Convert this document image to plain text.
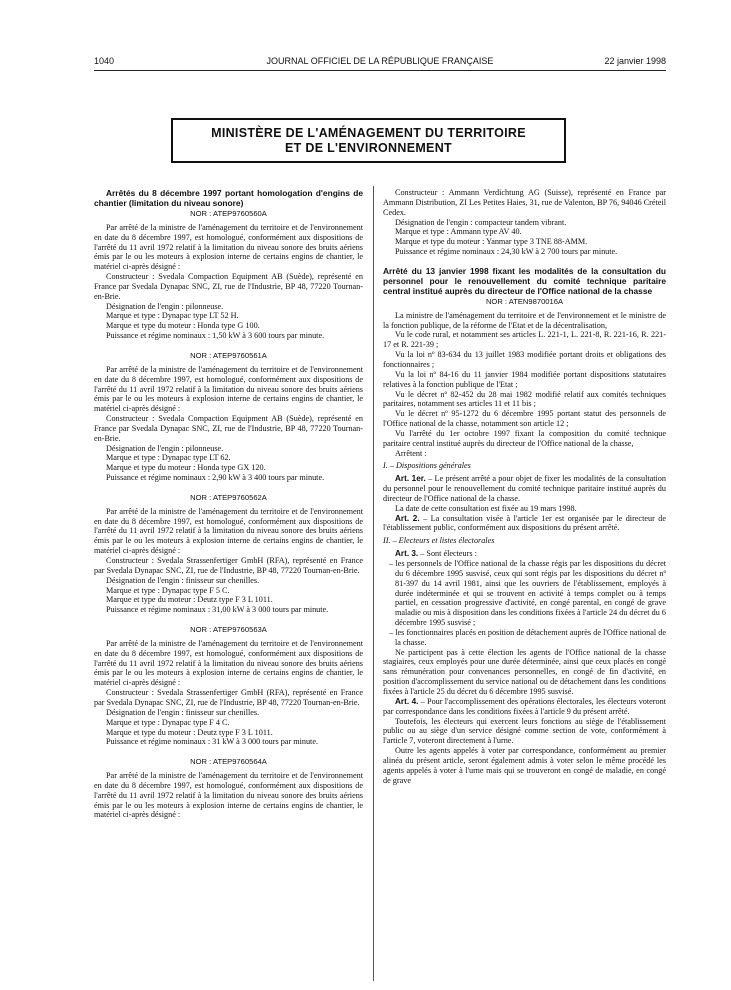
1040	JOURNAL OFFICIEL DE LA RÉPUBLIQUE FRANÇAISE	22 janvier 1998
MINISTÈRE DE L'AMÉNAGEMENT DU TERRITOIRE
ET DE L'ENVIRONNEMENT

Arrêtés du 8 décembre 1997 portant homologation d'engins de chantier (limitation du niveau sonore)

NOR : ATEP9760560A

Par arrêté de la ministre de l'aménagement du territoire et de l'environnement en date du 8 décembre 1997, est homologué, conformément aux dispositions de l'arrêté du 11 avril 1972 relatif à la limitation du niveau sonore des bruits aériens émis par le ou les moteurs à explosion interne de certains engins de chantier, le matériel ci-après désigné :

Constructeur : Svedala Compaction Equipment AB (Suède), représenté en France par Svedala Dynapac SNC, ZI, rue de l'Industrie, BP 48, 77220 Tournan-en-Brie.

Désignation de l'engin : pilonneuse.

Marque et type : Dynapac type LT 52 H.

Marque et type du moteur : Honda type G 100.

Puissance et régime nominaux : 1,50 kW à 3 600 tours par minute.

NOR : ATEP9760561A

Par arrêté de la ministre de l'aménagement du territoire et de l'environnement en date du 8 décembre 1997, est homologué, conformément aux dispositions de l'arrêté du 11 avril 1972 relatif à la limitation du niveau sonore des bruits aériens émis par le ou les moteurs à explosion interne de certains engins de chantier, le matériel ci-après désigné :

Constructeur : Svedala Compaction Equipment AB (Suède), représenté en France par Svedala Dynapac SNC, ZI, rue de l'Industrie, BP 48, 77220 Tournan-en-Brie.

Désignation de l'engin : pilonneuse.

Marque et type : Dynapac type LT 62.

Marque et type du moteur : Honda type GX 120.

Puissance et régime nominaux : 2,90 kW à 3 400 tours par minute.

NOR : ATEP9760562A

Par arrêté de la ministre de l'aménagement du territoire et de l'environnement en date du 8 décembre 1997, est homologué, conformément aux dispositions de l'arrêté du 11 avril 1972 relatif à la limitation du niveau sonore des bruits aériens émis par le ou les moteurs à explosion interne de certains engins de chantier, le matériel ci-après désigné :

Constructeur : Svedala Strassenfertiger GmbH (RFA), représenté en France par Svedala Dynapac SNC, ZI, rue de l'Industrie, BP 48, 77220 Tournan-en-Brie.

Désignation de l'engin : finisseur sur chenilles.

Marque et type : Dynapac type F 5 C.

Marque et type du moteur : Deutz type F 3 L 1011.

Puissance et régime nominaux : 31,00 kW à 3 000 tours par minute.

NOR : ATEP9760563A

Par arrêté de la ministre de l'aménagement du territoire et de l'environnement en date du 8 décembre 1997, est homologué, conformément aux dispositions de l'arrêté du 11 avril 1972 relatif à la limitation du niveau sonore des bruits aériens émis par le ou les moteurs à explosion interne de certains engins de chantier, le matériel ci-après désigné :

Constructeur : Svedala Strassenfertiger GmbH (RFA), représenté en France par Svedala Dynapac SNC, ZI, rue de l'Industrie, BP 48, 77220 Tournan-en-Brie.

Désignation de l'engin : finisseur sur chenilles.

Marque et type : Dynapac type F 4 C.

Marque et type du moteur : Deutz type F 3 L 1011.

Puissance et régime nominaux : 31 kW à 3 000 tours par minute.

NOR : ATEP9760564A

Par arrêté de la ministre de l'aménagement du territoire et de l'environnement en date du 8 décembre 1997, est homologué, conformément aux dispositions de l'arrêté du 11 avril 1972 relatif à la limitation du niveau sonore des bruits aériens émis par le ou les moteurs à explosion interne de certains engins de chantier, le matériel ci-après désigné :

Constructeur : Ammann Verdichtung AG (Suisse), représenté en France par Ammann Distribution, ZI Les Petites Haies, 31, rue de Valenton, BP 76, 94046 Créteil Cedex.

Désignation de l'engin : compacteur tandem vibrant.

Marque et type : Ammann type AV 40.

Marque et type du moteur : Yanmar type 3 TNE 88-AMM.

Puissance et régime nominaux : 24,30 kW à 2 700 tours par minute.

Arrêté du 13 janvier 1998 fixant les modalités de la consultation du personnel pour le renouvellement du comité technique paritaire central institué auprès du directeur de l'Office national de la chasse

NOR : ATEN9870016A

La ministre de l'aménagement du territoire et de l'environnement et le ministre de la fonction publique, de la réforme de l'Etat et de la décentralisation,

Vu le code rural, et notamment ses articles L. 221-1, L. 221-8, R. 221-16, R. 221-17 et R. 221-39 ;

Vu la loi nº 83-634 du 13 juillet 1983 modifiée portant droits et obligations des fonctionnaires ;

Vu la loi nº 84-16 du 11 janvier 1984 modifiée portant dispositions statutaires relatives à la fonction publique de l'Etat ;

Vu le décret nº 82-452 du 28 mai 1982 modifié relatif aux comités techniques paritaires, notamment ses articles 11 et 11 bis ;

Vu le décret nº 95-1272 du 6 décembre 1995 portant statut des personnels de l'Office national de la chasse, notamment son article 12 ;

Vu l'arrêté du 1er octobre 1997 fixant la composition du comité technique paritaire central institué auprès du directeur de l'Office national de la chasse,

Arrêtent :

I. – Dispositions générales

Art. 1er. – Le présent arrêté a pour objet de fixer les modalités de la consultation du personnel pour le renouvellement du comité technique paritaire institué auprès du directeur de l'Office national de la chasse.

La date de cette consultation est fixée au 19 mars 1998.

Art. 2. – La consultation visée à l'article 1er est organisée par le directeur de l'établissement public, conformément aux dispositions du présent arrêté.

II. – Electeurs et listes électorales

Art. 3. – Sont électeurs :

– les personnels de l'Office national de la chasse régis par les dispositions du décret du 6 décembre 1995 susvisé, ceux qui sont régis par les dispositions du décret nº 81-397 du 14 avril 1981, ainsi que les ouvriers de l'établissement, employés à durée indéterminée et qui se trouvent en activité à temps complet ou à temps partiel, en cessation progressive d'activité, en congé parental, en congé de grave maladie ou mis à disposition dans les conditions fixées à l'article 24 du décret du 6 décembre 1995 susvisé ;

– les fonctionnaires placés en position de détachement auprès de l'Office national de la chasse.

Ne participent pas à cette élection les agents de l'Office national de la chasse stagiaires, ceux employés pour une durée déterminée, ainsi que ceux placés en congé sans rémunération pour convenances personnelles, en congé de fin d'activité, en position d'accomplissement du service national ou de détachement dans les conditions fixées à l'article 25 du décret du 6 décembre 1995 susvisé.

Art. 4. – Pour l'accomplissement des opérations électorales, les électeurs voteront par correspondance dans les conditions fixées à l'article 9 du présent arrêté.

Toutefois, les électeurs qui exercent leurs fonctions au siège de l'établissement public ou au siège d'un service désigné comme section de vote, conformément à l'article 7, voteront directement à l'urne.

Outre les agents appelés à voter par correspondance, conformément au premier alinéa du présent article, seront également admis à voter selon le même procédé les agents appelés à voter à l'urne mais qui se trouveront en congé de maladie, en congé de grave
